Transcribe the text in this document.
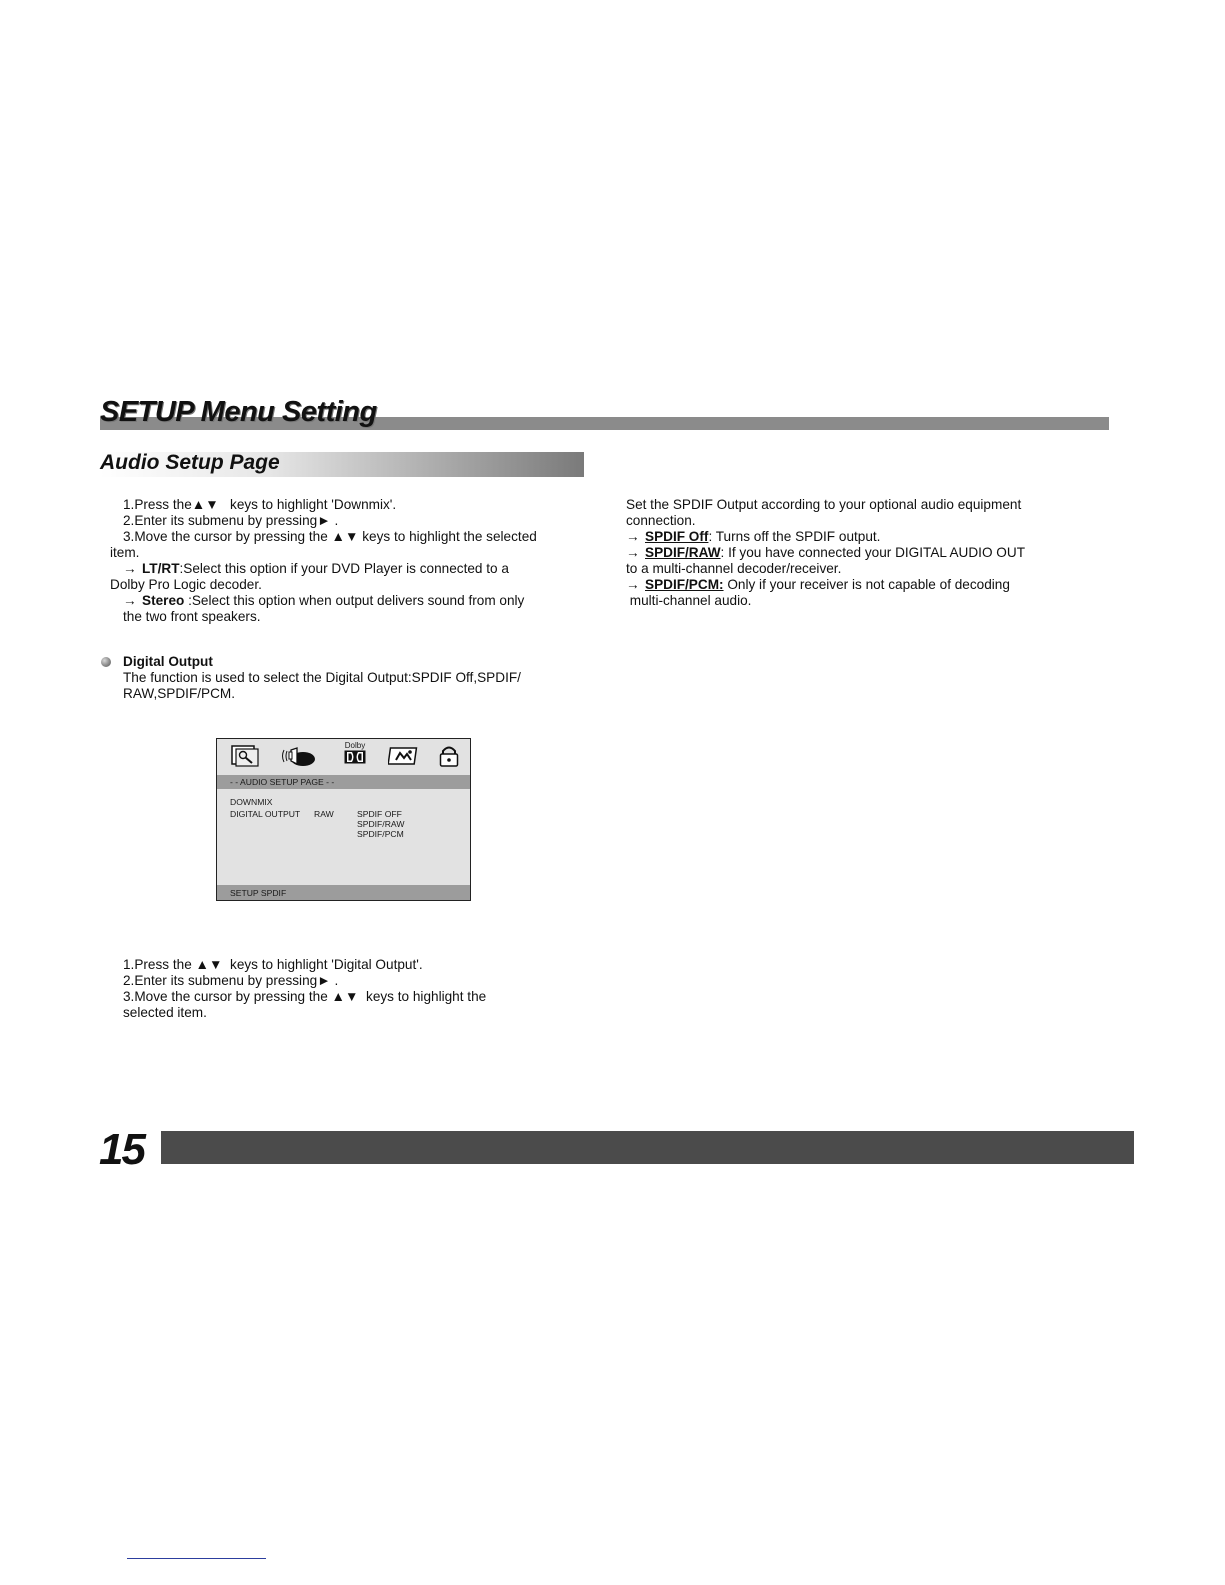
SETUP Menu Setting
Audio Setup Page
1.Press the▲▼ keys to highlight 'Downmix'.
2.Enter its submenu by pressing► .
3.Move the cursor by pressing the ▲▼ keys to highlight the selected
item.
→ LT/RT:Select this option if your DVD Player is connected to a
Dolby Pro Logic decoder.
→ Stereo :Select this option when output delivers sound from only
the two front speakers.
Digital Output
The function is used to select the Digital Output:SPDIF Off,SPDIF/
RAW,SPDIF/PCM.
Dolby
- - AUDIO SETUP PAGE - -
DOWNMIX
DIGITAL OUTPUT RAW	SPDIF OFF
SPDIF/RAW
SPDIF/PCM
SETUP SPDIF
1.Press the ▲▼ keys to highlight 'Digital Output'.
2.Enter its submenu by pressing► .
3.Move the cursor by pressing the ▲▼ keys to highlight the
selected item.
Set the SPDIF Output according to your optional audio equipment
connection.
→ SPDIF Off: Turns off the SPDIF output.
→ SPDIF/RAW: If you have connected your DIGITAL AUDIO OUT
to a multi-channel decoder/receiver.
→ SPDIF/PCM: Only if your receiver is not capable of decoding
multi-channel audio.
15
